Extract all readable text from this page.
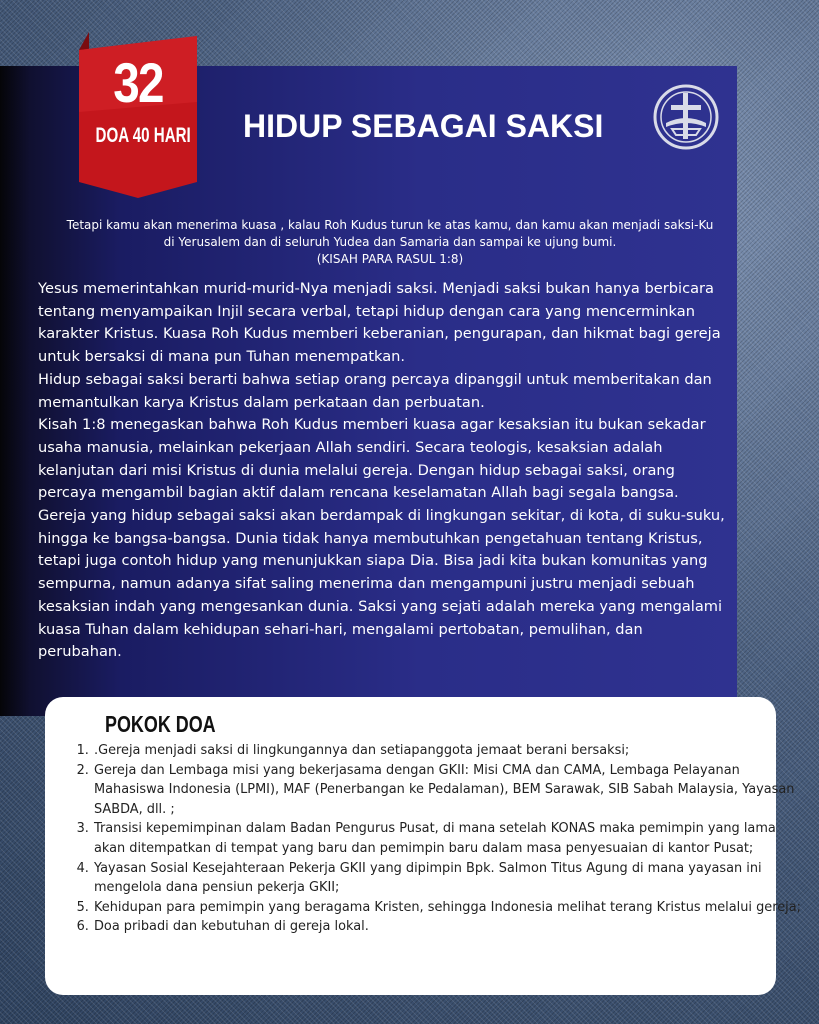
32
DOA 40 HARI HIDUP SEBAGAI SAKSI
Tetapi kamu akan menerima kuasa , kalau Roh Kudus turun ke atas kamu, dan kamu akan menjadi saksi-Ku
di Yerusalem dan di seluruh Yudea dan Samaria dan sampai ke ujung bumi.
(KISAH PARA RASUL 1:8)

Yesus memerintahkan murid-murid-Nya menjadi saksi. Menjadi saksi bukan hanya berbicara tentang menyampaikan Injil secara verbal, tetapi hidup dengan cara yang mencerminkan karakter Kristus. Kuasa Roh Kudus memberi keberanian, pengurapan, dan hikmat bagi gereja untuk bersaksi di mana pun Tuhan menempatkan.

Hidup sebagai saksi berarti bahwa setiap orang percaya dipanggil untuk memberitakan dan memantulkan karya Kristus dalam perkataan dan perbuatan.

Kisah 1:8 menegaskan bahwa Roh Kudus memberi kuasa agar kesaksian itu bukan sekadar usaha manusia, melainkan pekerjaan Allah sendiri. Secara teologis, kesaksian adalah kelanjutan dari misi Kristus di dunia melalui gereja. Dengan hidup sebagai saksi, orang percaya mengambil bagian aktif dalam rencana keselamatan Allah bagi segala bangsa.

Gereja yang hidup sebagai saksi akan berdampak di lingkungan sekitar, di kota, di suku-suku, hingga ke bangsa-bangsa. Dunia tidak hanya membutuhkan pengetahuan tentang Kristus, tetapi juga contoh hidup yang menunjukkan siapa Dia. Bisa jadi kita bukan komunitas yang sempurna, namun adanya sifat saling menerima dan mengampuni justru menjadi sebuah kesaksian indah yang mengesankan dunia. Saksi yang sejati adalah mereka yang mengalami kuasa Tuhan dalam kehidupan sehari-hari, mengalami pertobatan, pemulihan, dan perubahan.

POKOK DOA
1. .Gereja menjadi saksi di lingkungannya dan setiapanggota jemaat berani bersaksi;
2. Gereja dan Lembaga misi yang bekerjasama dengan GKII: Misi CMA dan CAMA, Lembaga Pelayanan Mahasiswa Indonesia (LPMI), MAF (Penerbangan ke Pedalaman), BEM Sarawak, SIB Sabah Malaysia, Yayasan SABDA, dll. ;
3. Transisi kepemimpinan dalam Badan Pengurus Pusat, di mana setelah KONAS maka pemimpin yang lama akan ditempatkan di tempat yang baru dan pemimpin baru dalam masa penyesuaian di kantor Pusat;
4. Yayasan Sosial Kesejahteraan Pekerja GKII yang dipimpin Bpk. Salmon Titus Agung di mana yayasan ini mengelola dana pensiun pekerja GKII;
5. Kehidupan para pemimpin yang beragama Kristen, sehingga Indonesia melihat terang Kristus melalui gereja;
6. Doa pribadi dan kebutuhan di gereja lokal.
